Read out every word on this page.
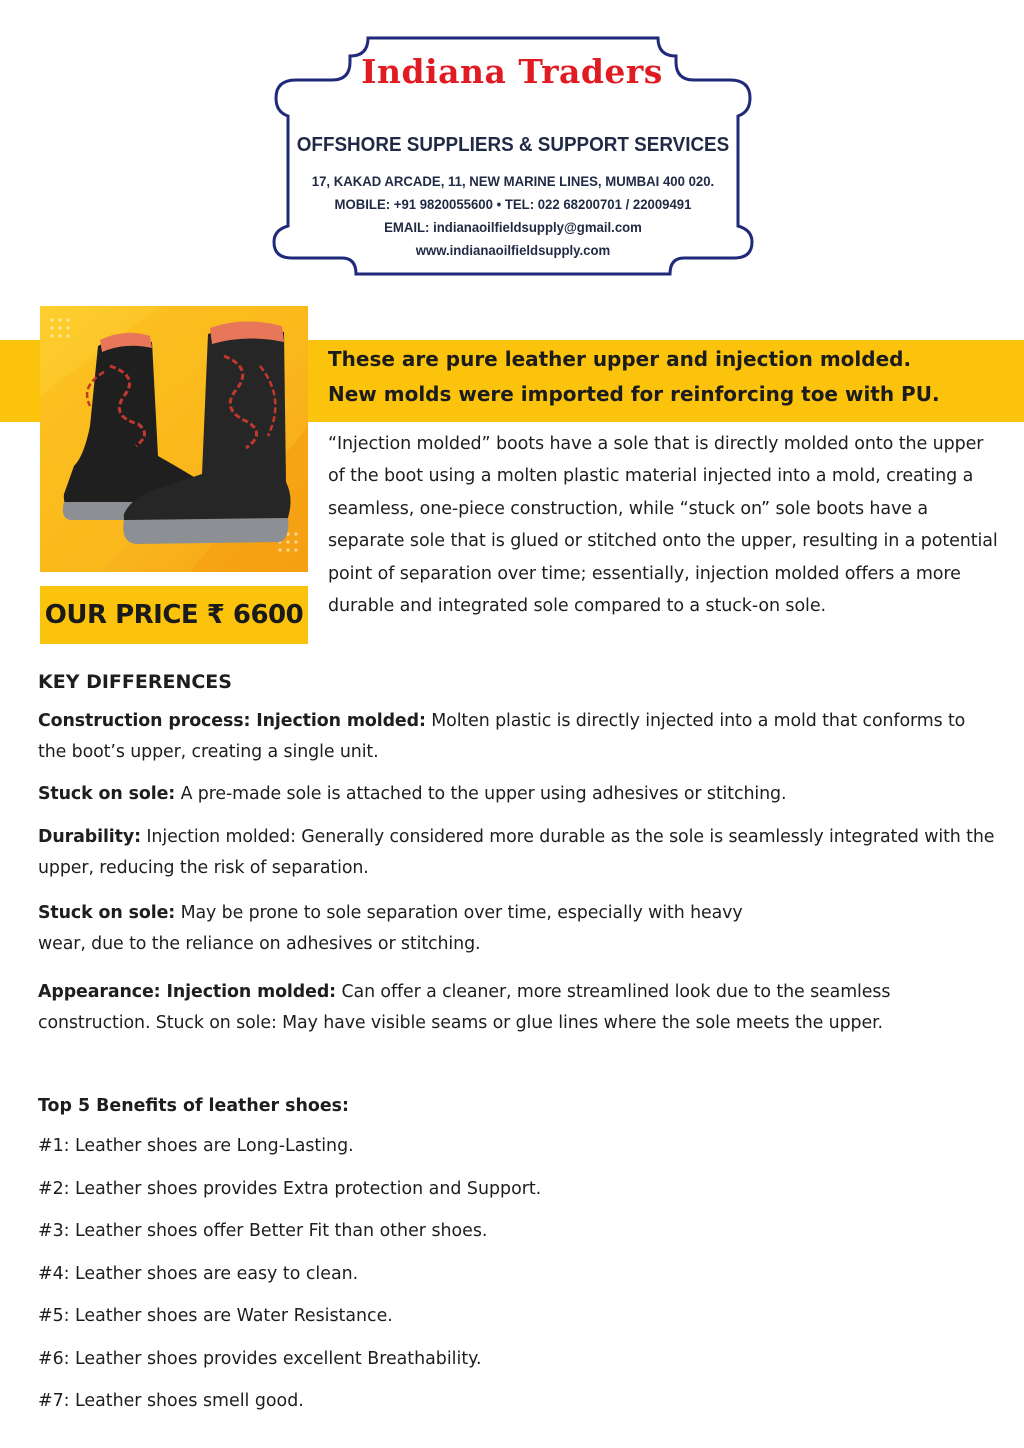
Indiana Traders
OFFSHORE SUPPLIERS & SUPPORT SERVICES
17, KAKAD ARCADE, 11, NEW MARINE LINES, MUMBAI 400 020.
MOBILE: +91 9820055600 • TEL: 022 68200701 / 22009491
EMAIL: indianaoilfieldsupply@gmail.com
www.indianaoilfieldsupply.com
OUR PRICE ₹ 6600
These are pure leather upper and injection molded.
New molds were imported for reinforcing toe with PU.
“Injection molded” boots have a sole that is directly molded onto the upper of the boot using a molten plastic material injected into a mold, creating a seamless, one-piece construction, while “stuck on” sole boots have a separate sole that is glued or stitched onto the upper, resulting in a potential point of separation over time; essentially, injection molded offers a more durable and integrated sole compared to a stuck-on sole.
KEY DIFFERENCES
Construction process: Injection molded: Molten plastic is directly injected into a mold that conforms to the boot’s upper, creating a single unit.
Stuck on sole: A pre-made sole is attached to the upper using adhesives or stitching.
Durability: Injection molded: Generally considered more durable as the sole is seamlessly integrated with the upper, reducing the risk of separation.
Stuck on sole: May be prone to sole separation over time, especially with heavy
wear, due to the reliance on adhesives or stitching.
Appearance: Injection molded: Can offer a cleaner, more streamlined look due to the seamless construction. Stuck on sole: May have visible seams or glue lines where the sole meets the upper.
Top 5 Benefits of leather shoes:
#1: Leather shoes are Long-Lasting.
#2: Leather shoes provides Extra protection and Support.
#3: Leather shoes offer Better Fit than other shoes.
#4: Leather shoes are easy to clean.
#5: Leather shoes are Water Resistance.
#6: Leather shoes provides excellent Breathability.
#7: Leather shoes smell good.
